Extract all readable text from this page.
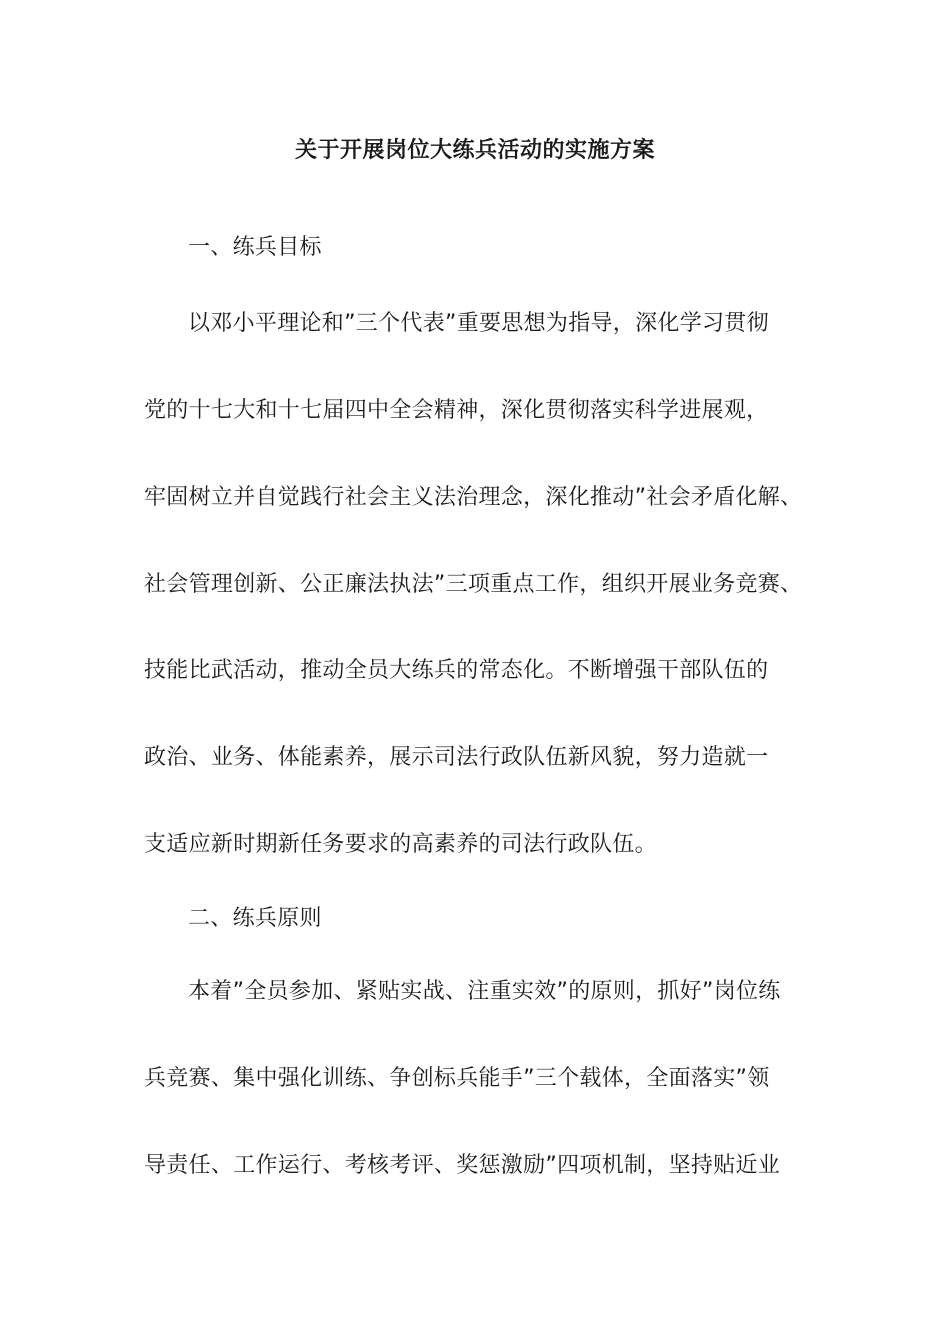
关于开展岗位大练兵活动的实施方案
一、练兵目标
以邓小平理论和”三个代表”重要思想为指导，深化学习贯彻
党的十七大和十七届四中全会精神，深化贯彻落实科学进展观，
牢固树立并自觉践行社会主义法治理念，深化推动”社会矛盾化解、
社会管理创新、公正廉法执法”三项重点工作，组织开展业务竞赛、
技能比武活动，推动全员大练兵的常态化。不断增强干部队伍的
政治、业务、体能素养，展示司法行政队伍新风貌，努力造就一
支适应新时期新任务要求的高素养的司法行政队伍。
二、练兵原则
本着”全员参加、紧贴实战、注重实效”的原则，抓好”岗位练
兵竞赛、集中强化训练、争创标兵能手”三个载体，全面落实”领
导责任、工作运行、考核考评、奖惩激励”四项机制，坚持贴近业
